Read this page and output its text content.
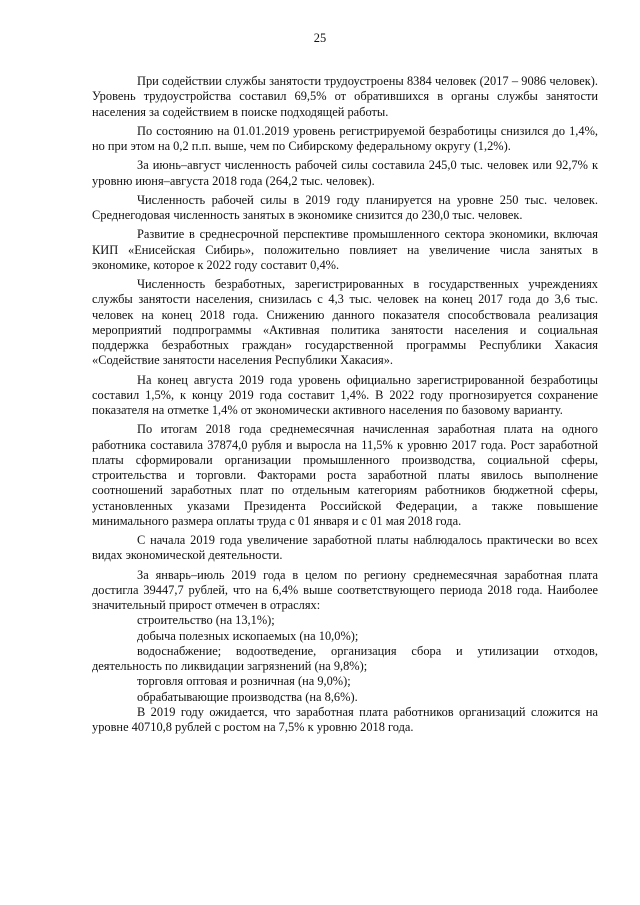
25

При содействии службы занятости трудоустроены 8384 человек (2017 – 9086 человек). Уровень трудоустройства составил 69,5% от обратившихся в органы службы занятости населения за содействием в поиске подходящей работы.

По состоянию на 01.01.2019 уровень регистрируемой безработицы снизился до 1,4%, но при этом на 0,2 п.п. выше, чем по Сибирскому федеральному округу (1,2%).

За июнь–август численность рабочей силы составила 245,0 тыс. человек или 92,7% к уровню июня–августа 2018 года (264,2 тыс. человек).

Численность рабочей силы в 2019 году планируется на уровне 250 тыс. человек. Среднегодовая численность занятых в экономике снизится до 230,0 тыс. человек.

Развитие в среднесрочной перспективе промышленного сектора экономики, включая КИП «Енисейская Сибирь», положительно повлияет на увеличение числа занятых в экономике, которое к 2022 году составит 0,4%.

Численность безработных, зарегистрированных в государственных учреждениях службы занятости населения, снизилась с 4,3 тыс. человек на конец 2017 года до 3,6 тыс. человек на конец 2018 года. Снижению данного показателя способствовала реализация мероприятий подпрограммы «Активная политика занятости населения и социальная поддержка безработных граждан» государственной программы Республики Хакасия «Содействие занятости населения Республики Хакасия».

На конец августа 2019 года уровень официально зарегистрированной безработицы составил 1,5%, к концу 2019 года составит 1,4%. В 2022 году прогнозируется сохранение показателя на отметке 1,4% от экономически активного населения по базовому варианту.

По итогам 2018 года среднемесячная начисленная заработная плата на одного работника составила 37874,0 рубля и выросла на 11,5% к уровню 2017 года. Рост заработной платы сформировали организации промышленного производства, социальной сферы, строительства и торговли. Факторами роста заработной платы явилось выполнение соотношений заработных плат по отдельным категориям работников бюджетной сферы, установленных указами Президента Российской Федерации, а также повышение минимального размера оплаты труда с 01 января и с 01 мая 2018 года.

С начала 2019 года увеличение заработной платы наблюдалось практически во всех видах экономической деятельности.

За январь–июль 2019 года в целом по региону среднемесячная заработная плата достигла 39447,7 рублей, что на 6,4% выше соответствующего периода 2018 года. Наиболее значительный прирост отмечен в отраслях:

строительство (на 13,1%);

добыча полезных ископаемых (на 10,0%);

водоснабжение; водоотведение, организация сбора и утилизации отходов, деятельность по ликвидации загрязнений (на 9,8%);

торговля оптовая и розничная (на 9,0%);

обрабатывающие производства (на 8,6%).

В 2019 году ожидается, что заработная плата работников организаций сложится на уровне 40710,8 рублей с ростом на 7,5% к уровню 2018 года.
